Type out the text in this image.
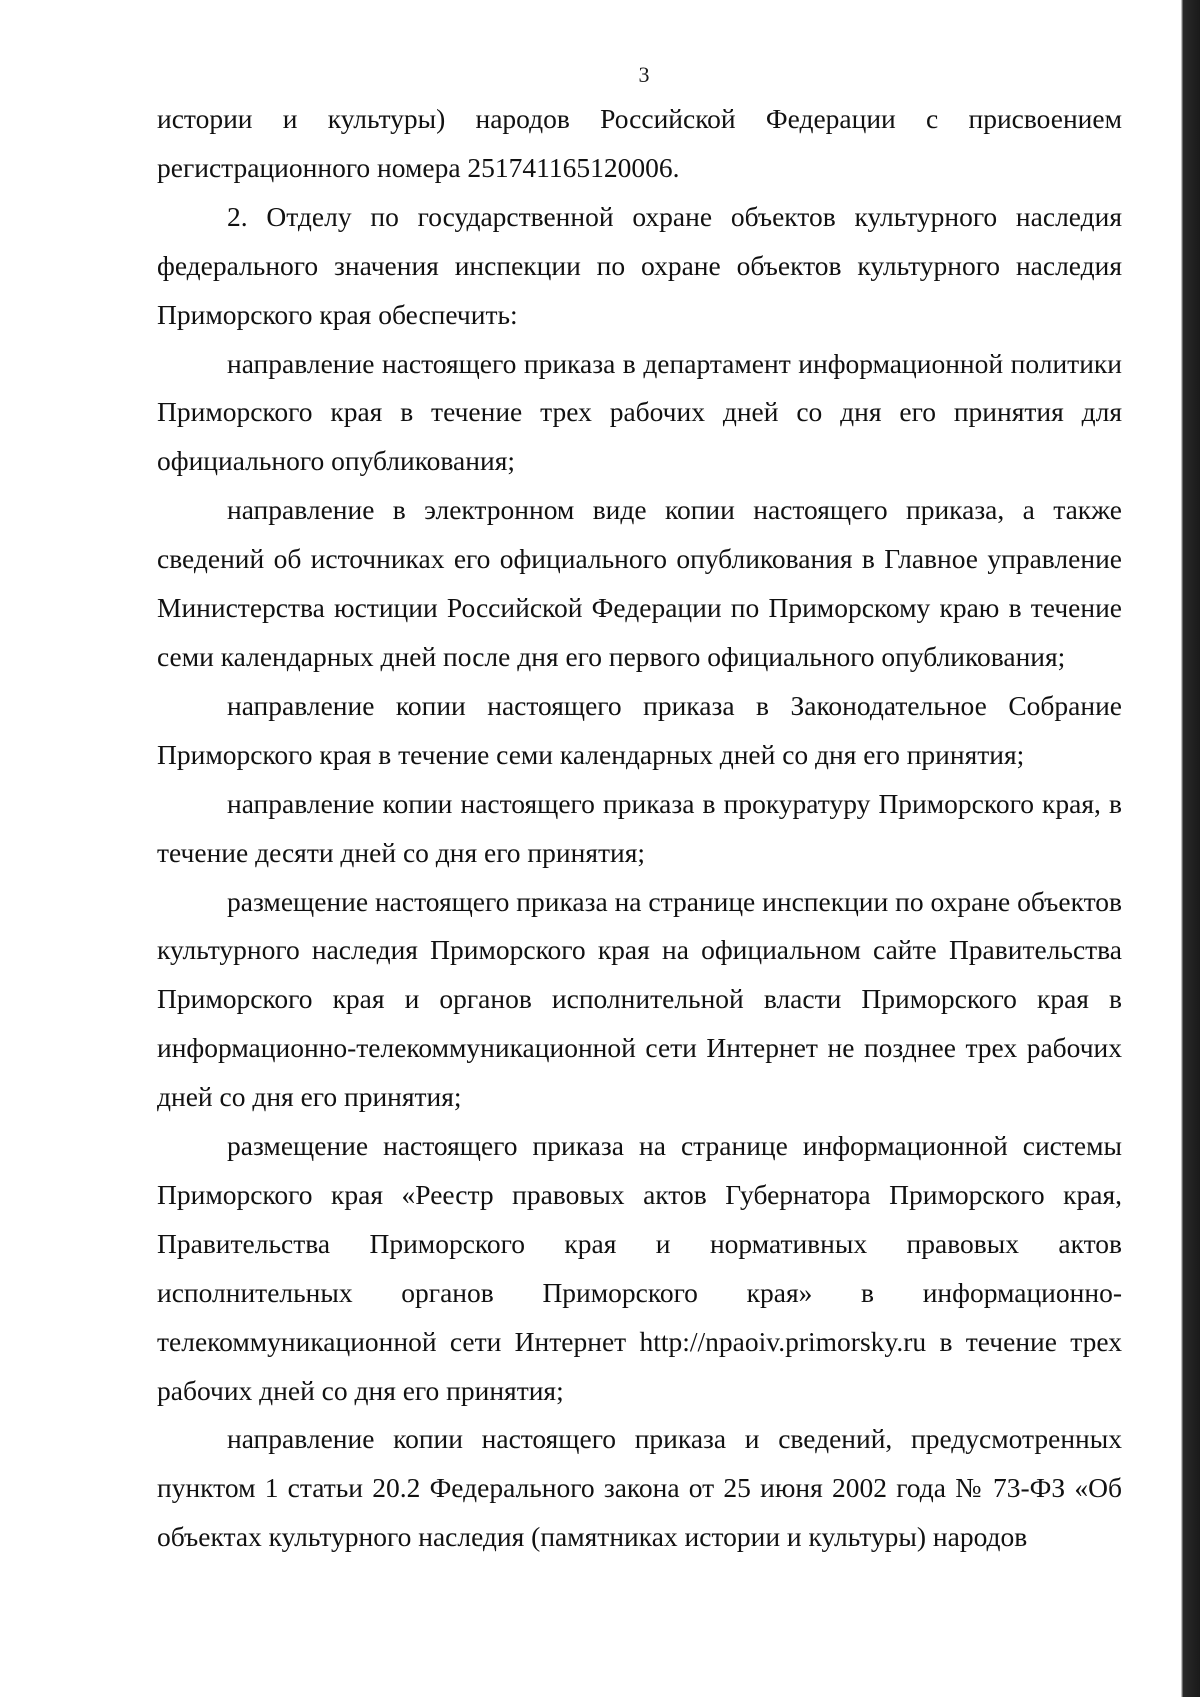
3

истории и культуры) народов Российской Федерации с присвоением регистрационного номера 251741165120006.

2. Отделу по государственной охране объектов культурного наследия федерального значения инспекции по охране объектов культурного наследия Приморского края обеспечить:

направление настоящего приказа в департамент информационной политики Приморского края в течение трех рабочих дней со дня его принятия для официального опубликования;

направление в электронном виде копии настоящего приказа, а также сведений об источниках его официального опубликования в Главное управление Министерства юстиции Российской Федерации по Приморскому краю в течение семи календарных дней после дня его первого официального опубликования;

направление копии настоящего приказа в Законодательное Собрание Приморского края в течение семи календарных дней со дня его принятия;

направление копии настоящего приказа в прокуратуру Приморского края, в течение десяти дней со дня его принятия;

размещение настоящего приказа на странице инспекции по охране объектов культурного наследия Приморского края на официальном сайте Правительства Приморского края и органов исполнительной власти Приморского края в информационно-телекоммуникационной сети Интернет не позднее трех рабочих дней со дня его принятия;

размещение настоящего приказа на странице информационной системы Приморского края «Реестр правовых актов Губернатора Приморского края, Правительства Приморского края и нормативных правовых актов исполнительных органов Приморского края» в информационно-телекоммуникационной сети Интернет http://npaoiv.primorsky.ru в течение трех рабочих дней со дня его принятия;

направление копии настоящего приказа и сведений, предусмотренных пунктом 1 статьи 20.2 Федерального закона от 25 июня 2002 года № 73-ФЗ «Об объектах культурного наследия (памятниках истории и культуры) народов
